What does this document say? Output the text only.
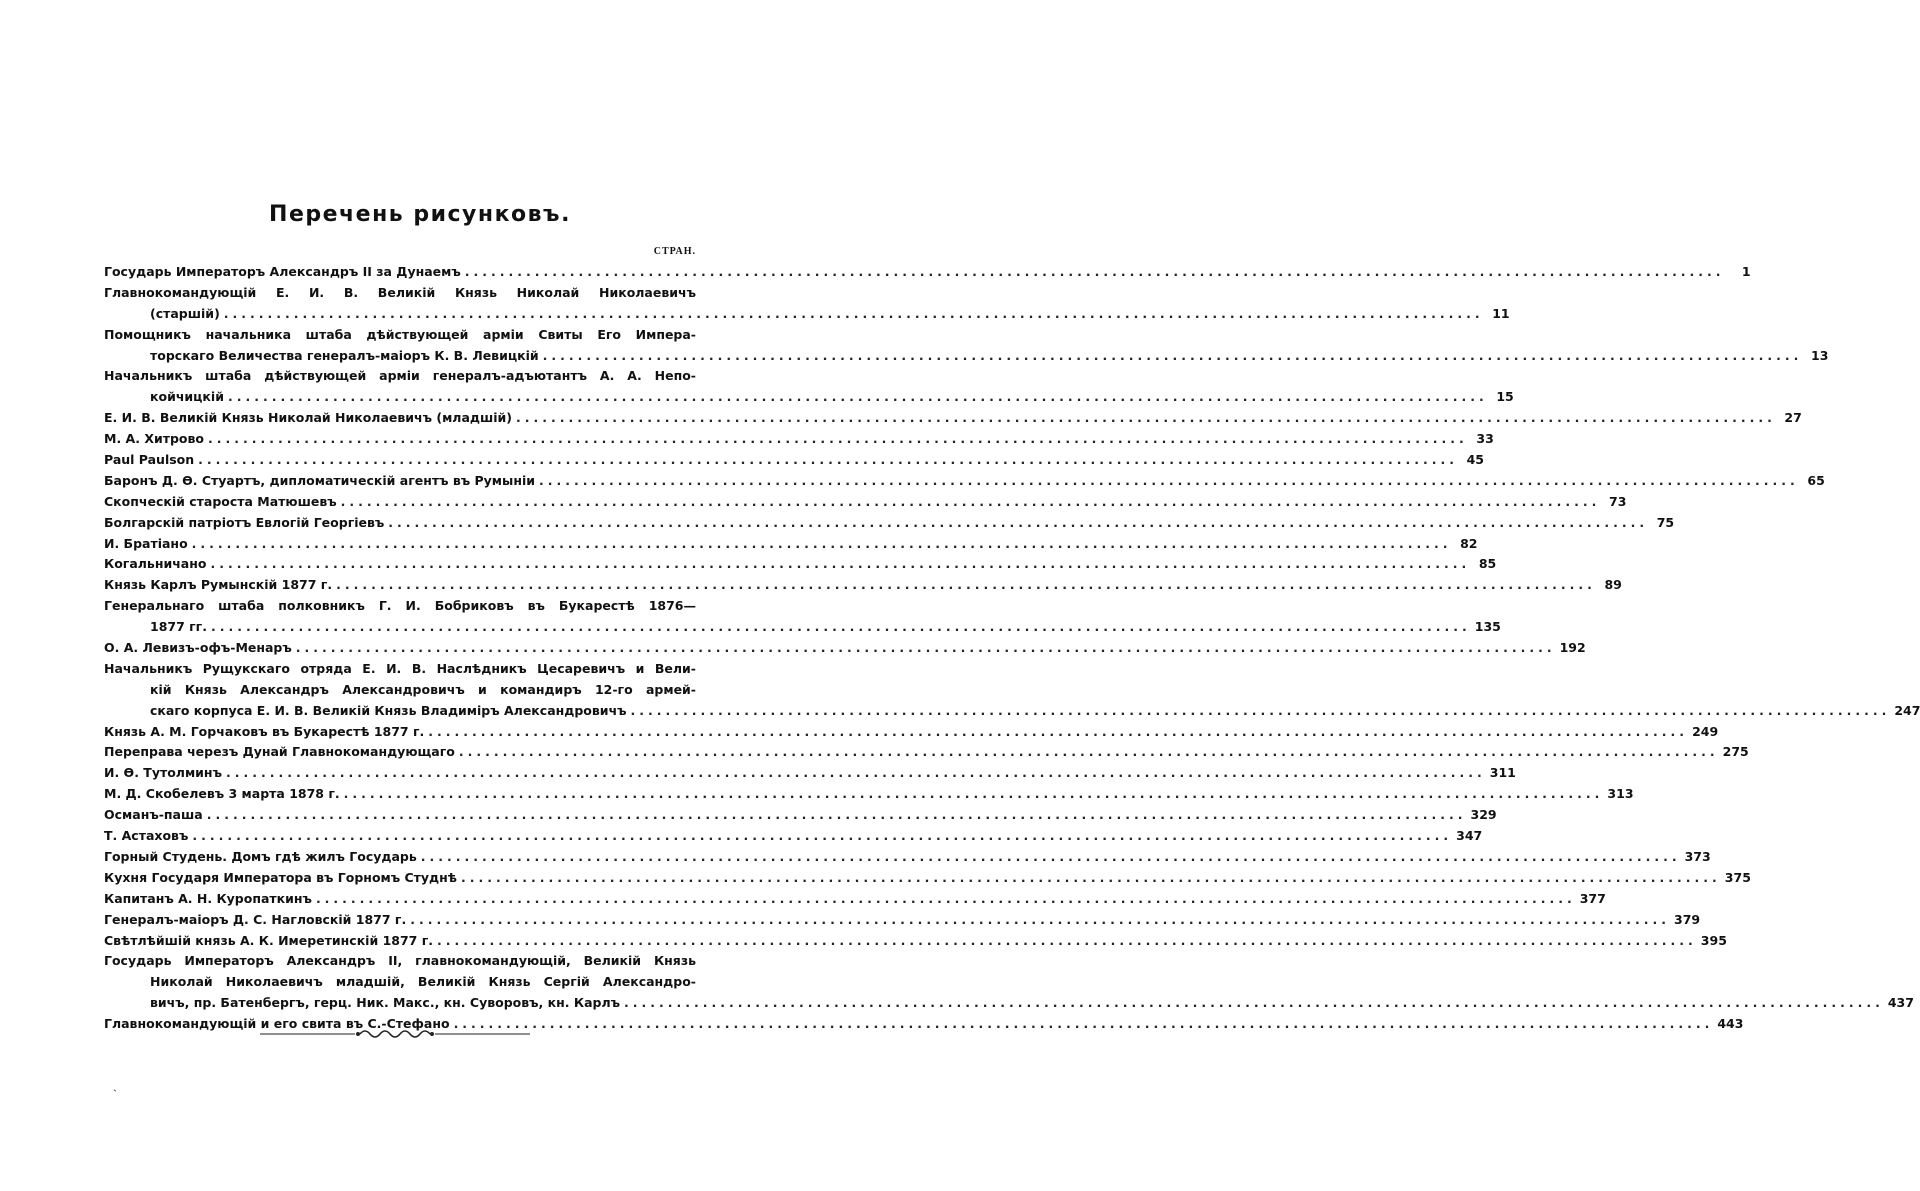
Перечень рисунковъ.
СТРАН.
Государь Императоръ Александръ II за Дунаемъ .....	1
Главнокомандующій Е. И. В. Великій Князь Николай Николаевичъ
(старшій) .....	11
Помощникъ начальника штаба дѣйствующей арміи Свиты Его Импера-
торскаго Величества генералъ-маіоръ К. В. Левицкій .....	13
Начальникъ штаба дѣйствующей арміи генералъ-адъютантъ А. А. Непо-
койчицкій .....	15
Е. И. В. Великій Князь Николай Николаевичъ (младшій) .....	27
М. А. Хитрово .....	33
Paul Paulson .....	45
Баронъ Д. Ѳ. Стуартъ, дипломатическій агентъ въ Румыніи .....	65
Скопческій староста Матюшевъ .....	73
Болгарскій патріотъ Евлогій Георгіевъ .....	75
И. Братіано .....	82
Когальничано .....	85
Князь Карлъ Румынскій 1877 г. .....	89
Генеральнаго штаба полковникъ Г. И. Бобриковъ въ Букарестѣ 1876—
1877 гг. .....	135
О. А. Левизъ-офъ-Менаръ .....	192
Начальникъ Рущукскаго отряда Е. И. В. Наслѣдникъ Цесаревичъ и Вели-
кій Князь Александръ Александровичъ и командиръ 12-го армей-
скаго корпуса Е. И. В. Великій Князь Владиміръ Александровичъ .....	247
Князь А. М. Горчаковъ въ Букарестѣ 1877 г. .....	249
Переправа черезъ Дунай Главнокомандующаго .....	275
И. Ѳ. Тутолминъ .....	311
М. Д. Скобелевъ 3 марта 1878 г. .....	313
Османъ-паша .....	329
Т. Астаховъ .....	347
Горный Студень. Домъ гдѣ жилъ Государь .....	373
Кухня Государя Императора въ Горномъ Студнѣ .....	375
Капитанъ А. Н. Куропаткинъ .....	377
Генералъ-маіоръ Д. С. Нагловскій 1877 г. .....	379
Свѣтлѣйшій князь А. К. Имеретинскій 1877 г. .....	395
Государь Императоръ Александръ II, главнокомандующій, Великій Князь
Николай Николаевичъ младшій, Великій Князь Сергій Александро-
вичъ, пр. Батенбергъ, герц. Ник. Макс., кн. Суворовъ, кн. Карлъ .....	437
Главнокомандующій и его свита въ С.-Стефано .....	443
ˎ
